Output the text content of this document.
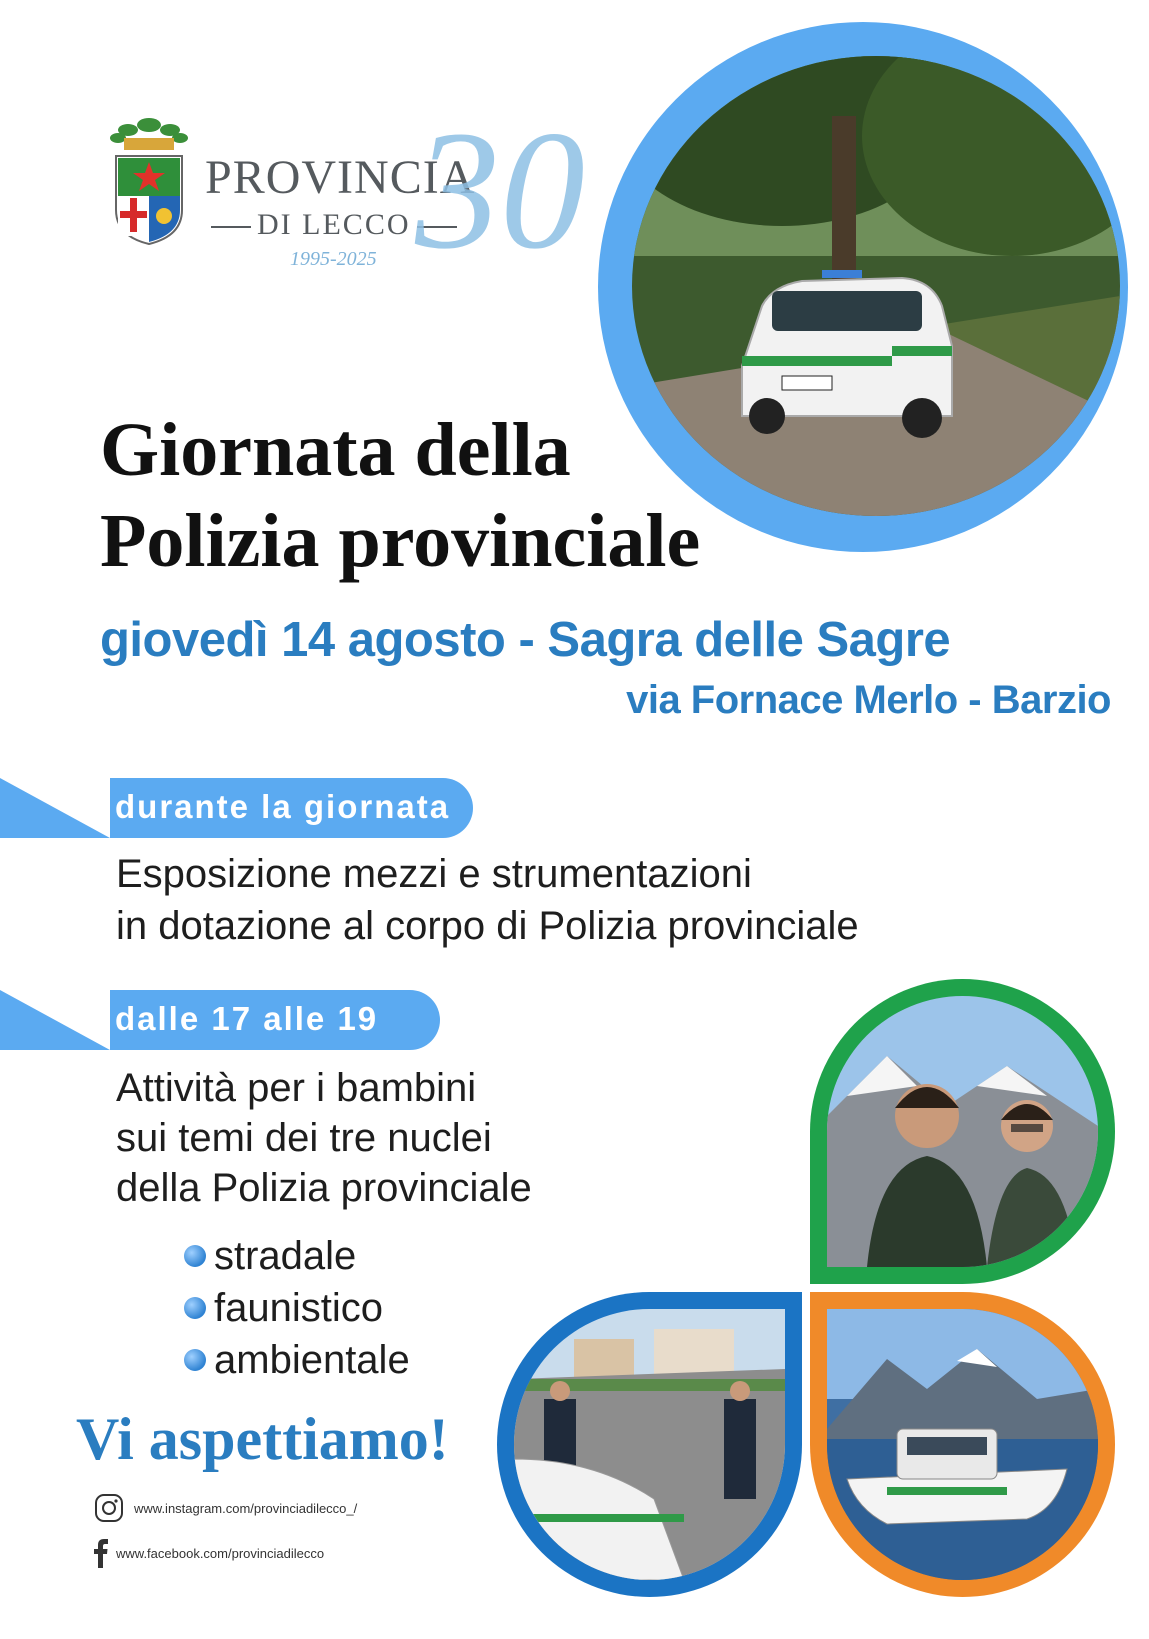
PROVINCIA
DI LECCO
1995-2025 30
Giornata della
Polizia provinciale
giovedì 14 agosto - Sagra delle Sagre
via Fornace Merlo - Barzio
durante la giornata
Esposizione mezzi e strumentazioni
in dotazione al corpo di Polizia provinciale
dalle 17 alle 19
Attività per i bambini
sui temi dei tre nuclei
della Polizia provinciale
stradale
faunistico
ambientale
Vi aspettiamo!
www.instagram.com/provinciadilecco_/
www.facebook.com/provinciadilecco
